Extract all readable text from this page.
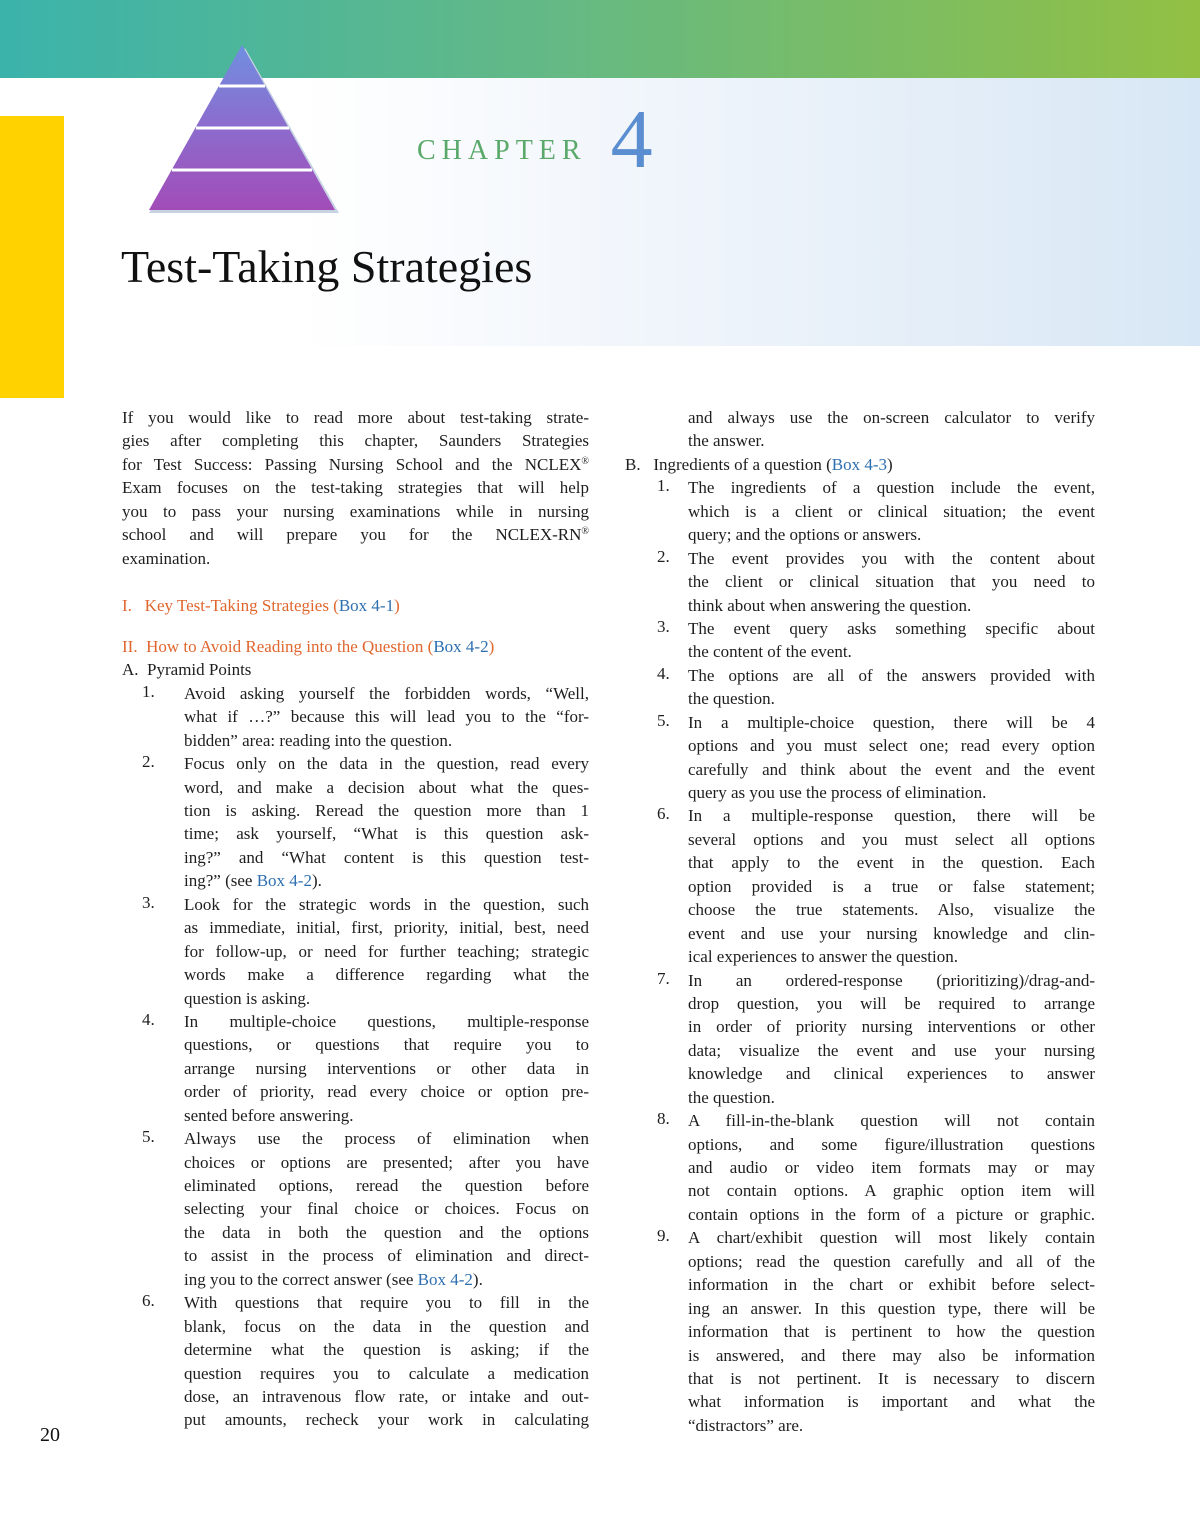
CHAPTER 4
Test-Taking Strategies
If you would like to read more about test-taking strate-
gies after completing this chapter, Saunders Strategies
for Test Success: Passing Nursing School and the NCLEX®
Exam focuses on the test-taking strategies that will help
you to pass your nursing examinations while in nursing
school and will prepare you for the NCLEX-RN®
examination.
I. Key Test-Taking Strategies (Box 4-1)
II. How to Avoid Reading into the Question (Box 4-2)
A. Pyramid Points
1.	Avoid asking yourself the forbidden words, “Well,
what if …?” because this will lead you to the “for-
bidden” area: reading into the question.
2.	Focus only on the data in the question, read every
word, and make a decision about what the ques-
tion is asking. Reread the question more than 1
time; ask yourself, “What is this question ask-
ing?” and “What content is this question test-
ing?” (see Box 4-2).
3.	Look for the strategic words in the question, such
as immediate, initial, first, priority, initial, best, need
for follow-up, or need for further teaching; strategic
words make a difference regarding what the
question is asking.
4.	In multiple-choice questions, multiple-response
questions, or questions that require you to
arrange nursing interventions or other data in
order of priority, read every choice or option pre-
sented before answering.
5.	Always use the process of elimination when
choices or options are presented; after you have
eliminated options, reread the question before
selecting your final choice or choices. Focus on
the data in both the question and the options
to assist in the process of elimination and direct-
ing you to the correct answer (see Box 4-2).
6.	With questions that require you to fill in the
blank, focus on the data in the question and
determine what the question is asking; if the
question requires you to calculate a medication
dose, an intravenous flow rate, or intake and out-
put amounts, recheck your work in calculating
and always use the on-screen calculator to verify
the answer.
B. Ingredients of a question (Box 4-3)
1.	The ingredients of a question include the event,
which is a client or clinical situation; the event
query; and the options or answers.
2.	The event provides you with the content about
the client or clinical situation that you need to
think about when answering the question.
3.	The event query asks something specific about
the content of the event.
4.	The options are all of the answers provided with
the question.
5.	In a multiple-choice question, there will be 4
options and you must select one; read every option
carefully and think about the event and the event
query as you use the process of elimination.
6.	In a multiple-response question, there will be
several options and you must select all options
that apply to the event in the question. Each
option provided is a true or false statement;
choose the true statements. Also, visualize the
event and use your nursing knowledge and clin-
ical experiences to answer the question.
7.	In an ordered-response (prioritizing)/drag-and-
drop question, you will be required to arrange
in order of priority nursing interventions or other
data; visualize the event and use your nursing
knowledge and clinical experiences to answer
the question.
8.	A fill-in-the-blank question will not contain
options, and some figure/illustration questions
and audio or video item formats may or may
not contain options. A graphic option item will
contain options in the form of a picture or graphic.
9.	A chart/exhibit question will most likely contain
options; read the question carefully and all of the
information in the chart or exhibit before select-
ing an answer. In this question type, there will be
information that is pertinent to how the question
is answered, and there may also be information
that is not pertinent. It is necessary to discern
what information is important and what the
“distractors” are.
20
